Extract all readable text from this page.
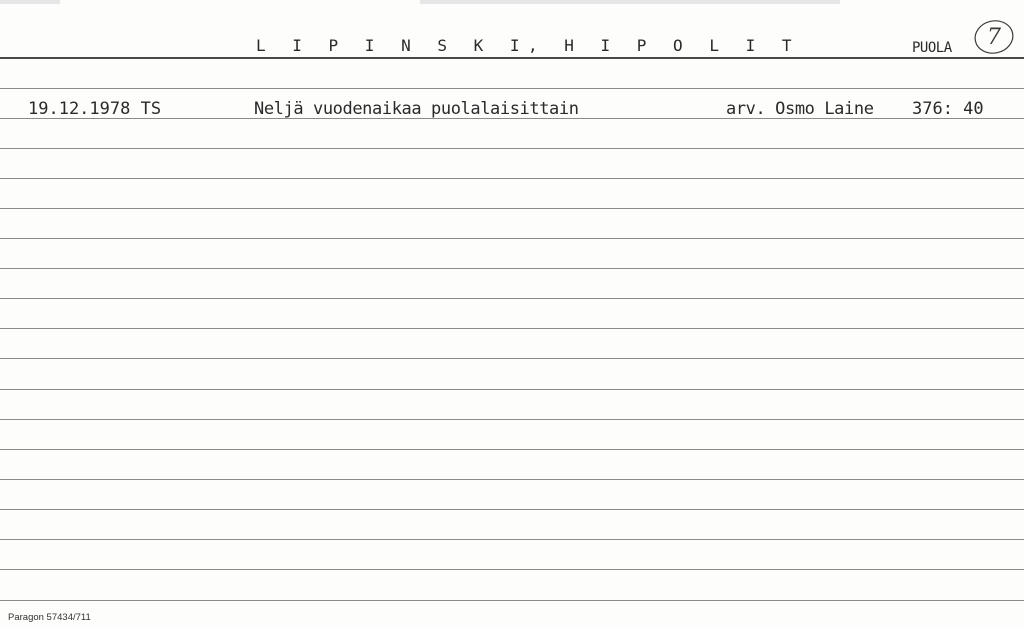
L I P I N S K I, H I P O L I T	PUOLA 7
19.12.1978 TS	Neljä vuodenaikaa puolalaisittain	arv. Osmo Laine 376: 40
Paragon 57434/711
